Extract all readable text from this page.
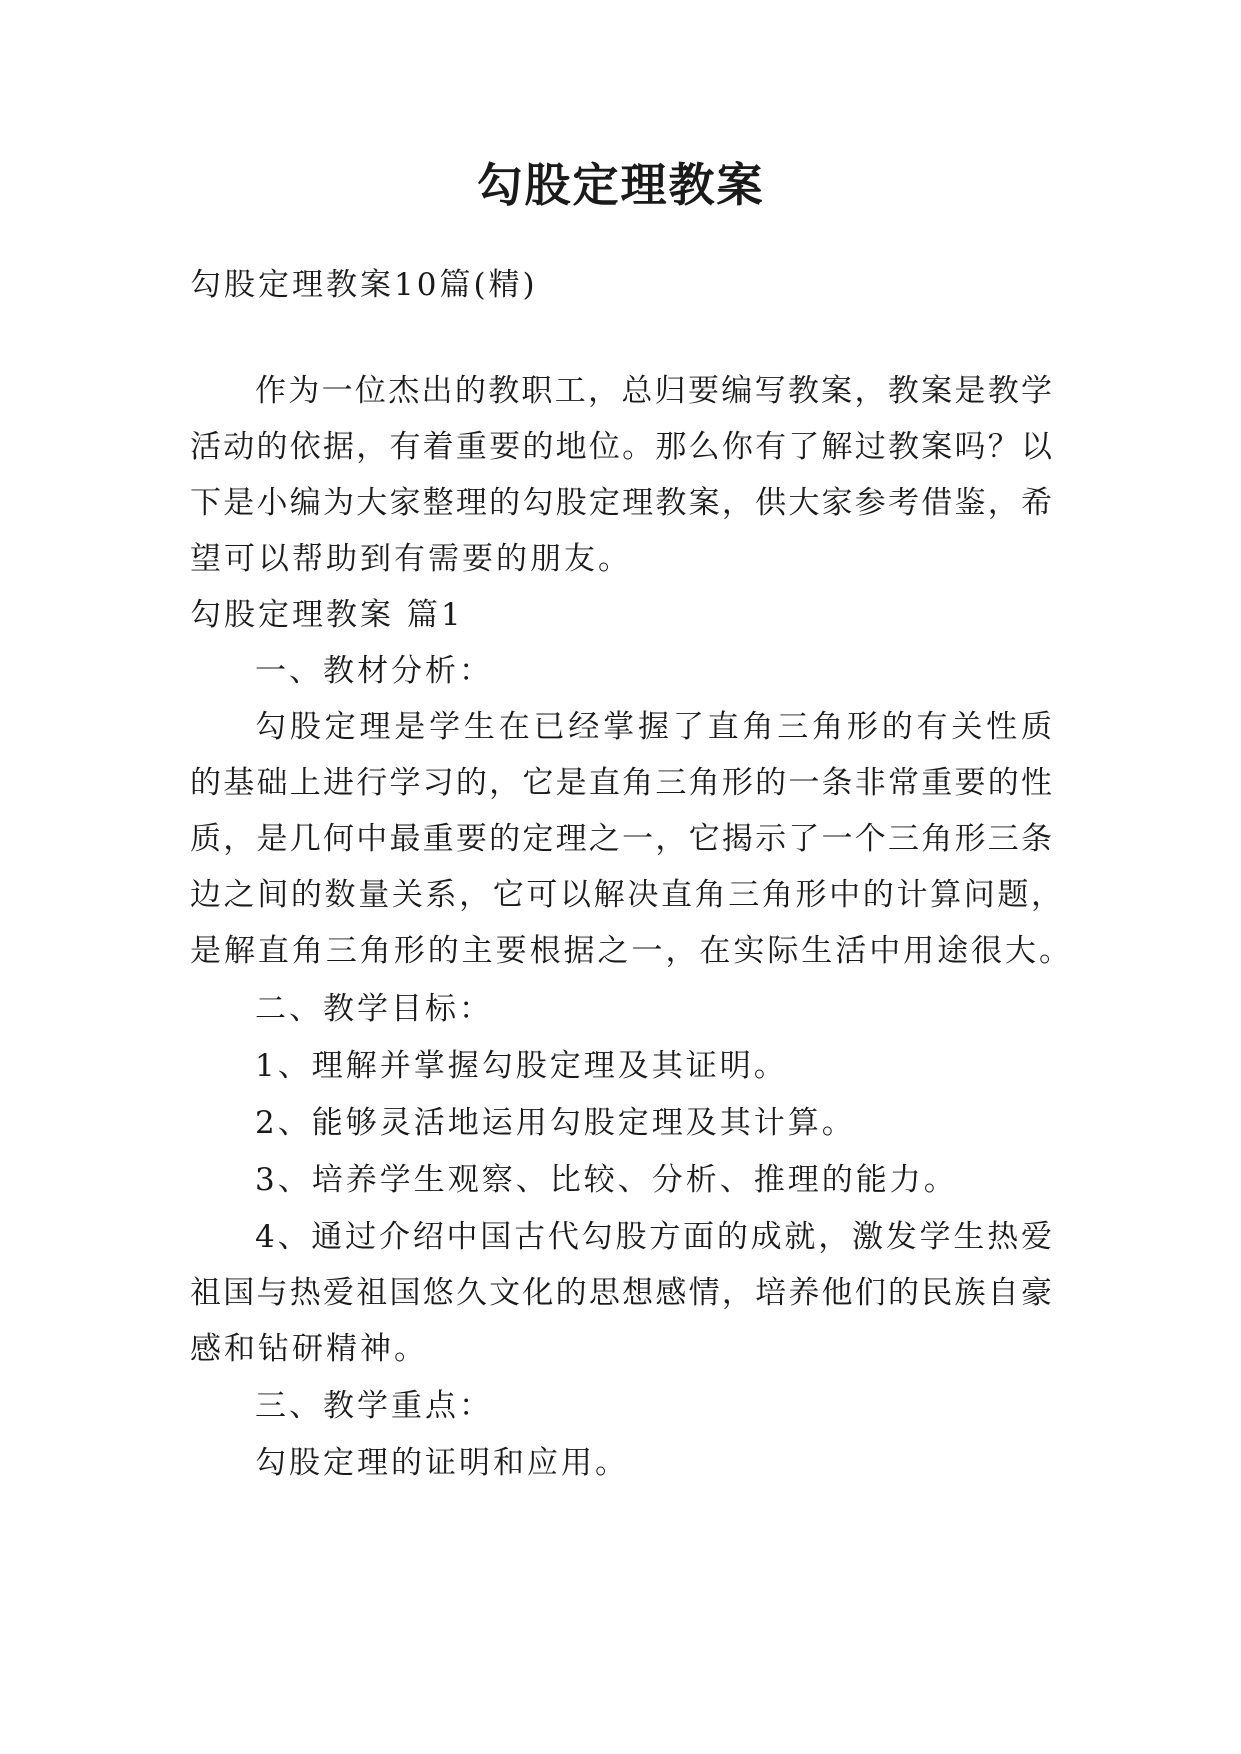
勾股定理教案

勾股定理教案10篇(精)

作为一位杰出的教职工，总归要编写教案，教案是教学

活动的依据，有着重要的地位。那么你有了解过教案吗？以

下是小编为大家整理的勾股定理教案，供大家参考借鉴，希

望可以帮助到有需要的朋友。

勾股定理教案 篇1

一、教材分析：

勾股定理是学生在已经掌握了直角三角形的有关性质

的基础上进行学习的，它是直角三角形的一条非常重要的性

质，是几何中最重要的定理之一，它揭示了一个三角形三条

边之间的数量关系，它可以解决直角三角形中的计算问题，

是解直角三角形的主要根据之一，在实际生活中用途很大。

二、教学目标：

1、理解并掌握勾股定理及其证明。

2、能够灵活地运用勾股定理及其计算。

3、培养学生观察、比较、分析、推理的能力。

4、通过介绍中国古代勾股方面的成就，激发学生热爱

祖国与热爱祖国悠久文化的思想感情，培养他们的民族自豪

感和钻研精神。

三、教学重点：

勾股定理的证明和应用。
